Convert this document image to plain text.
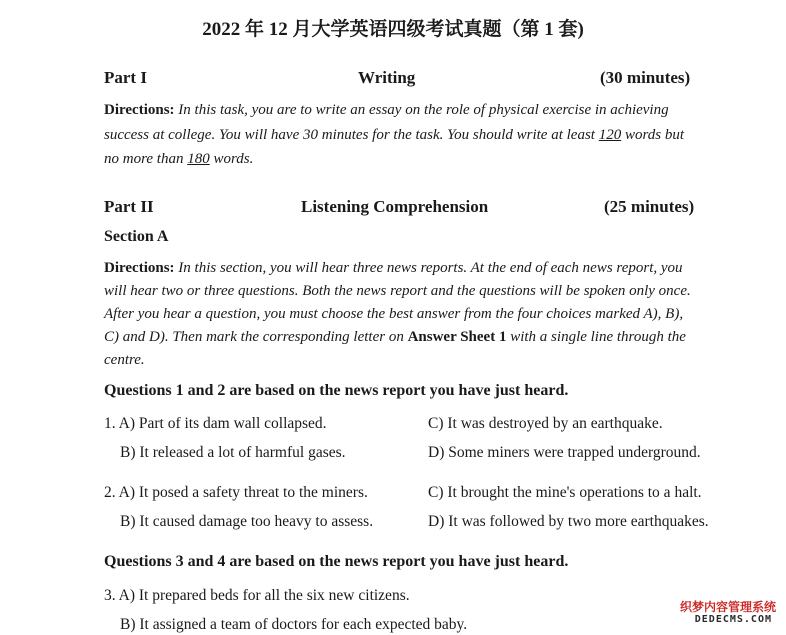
2022 年 12 月大学英语四级考试真题（第 1 套)
Part I	Writing	(30 minutes)
Directions: In this task, you are to write an essay on the role of physical exercise in achieving success at college. You will have 30 minutes for the task. You should write at least 120 words but no more than 180 words.
Part II	Listening Comprehension	(25 minutes)
Section A
Directions: In this section, you will hear three news reports. At the end of each news report, you will hear two or three questions. Both the news report and the questions will be spoken only once. After you hear a question, you must choose the best answer from the four choices marked A), B), C) and D). Then mark the corresponding letter on Answer Sheet 1 with a single line through the centre.
Questions 1 and 2 are based on the news report you have just heard.
1. A) Part of its dam wall collapsed.	C) It was destroyed by an earthquake.
B) It released a lot of harmful gases.	D) Some miners were trapped underground.
2. A) It posed a safety threat to the miners.	C) It brought the mine's operations to a halt.
B) It caused damage too heavy to assess.	D) It was followed by two more earthquakes.
Questions 3 and 4 are based on the news report you have just heard.
3. A) It prepared beds for all the six new citizens.
B) It assigned a team of doctors for each expected baby.
织梦内容管理系统
DEDECMS.COM
